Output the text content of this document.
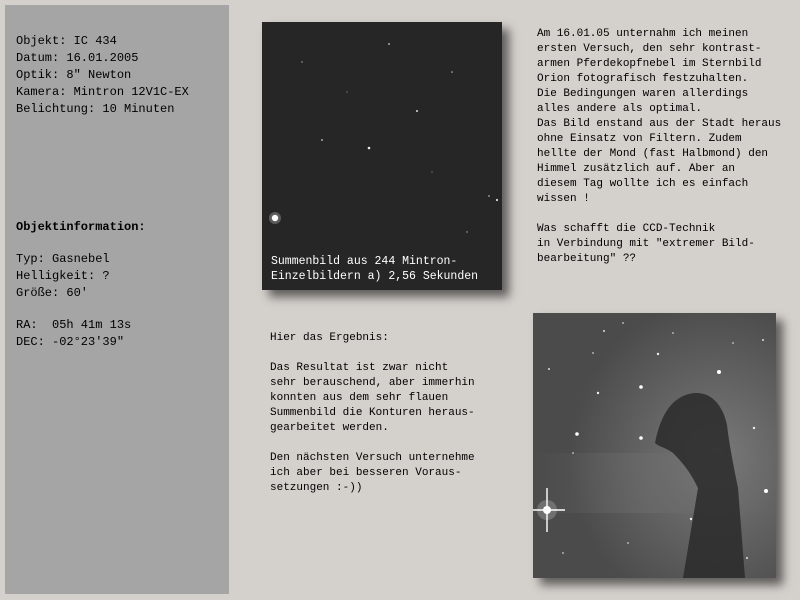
Objekt: IC 434
Datum: 16.01.2005
Optik: 8" Newton
Kamera: Mintron 12V1C-EX
Belichtung: 10 Minuten
Objektinformation:
Typ: Gasnebel
Helligkeit: ?
Größe: 60'
RA:  05h 41m 13s
DEC: -02°23'39"
Summenbild aus 244 Mintron-
Einzelbildern a) 2,56 Sekunden
Am 16.01.05 unternahm ich meinen
ersten Versuch, den sehr kontrast-
armen Pferdekopfnebel im Sternbild
Orion fotografisch festzuhalten.
Die Bedingungen waren allerdings
alles andere als optimal.
Das Bild enstand aus der Stadt heraus
ohne Einsatz von Filtern. Zudem
hellte der Mond (fast Halbmond) den
Himmel zusätzlich auf. Aber an
diesem Tag wollte ich es einfach
wissen !
Was schafft die CCD-Technik
in Verbindung mit "extremer Bild-
bearbeitung" ??
Hier das Ergebnis:
Das Resultat ist zwar nicht
sehr berauschend, aber immerhin
konnten aus dem sehr flauen
Summenbild die Konturen heraus-
gearbeitet werden.
Den nächsten Versuch unternehme
ich aber bei besseren Voraus-
setzungen :-))
